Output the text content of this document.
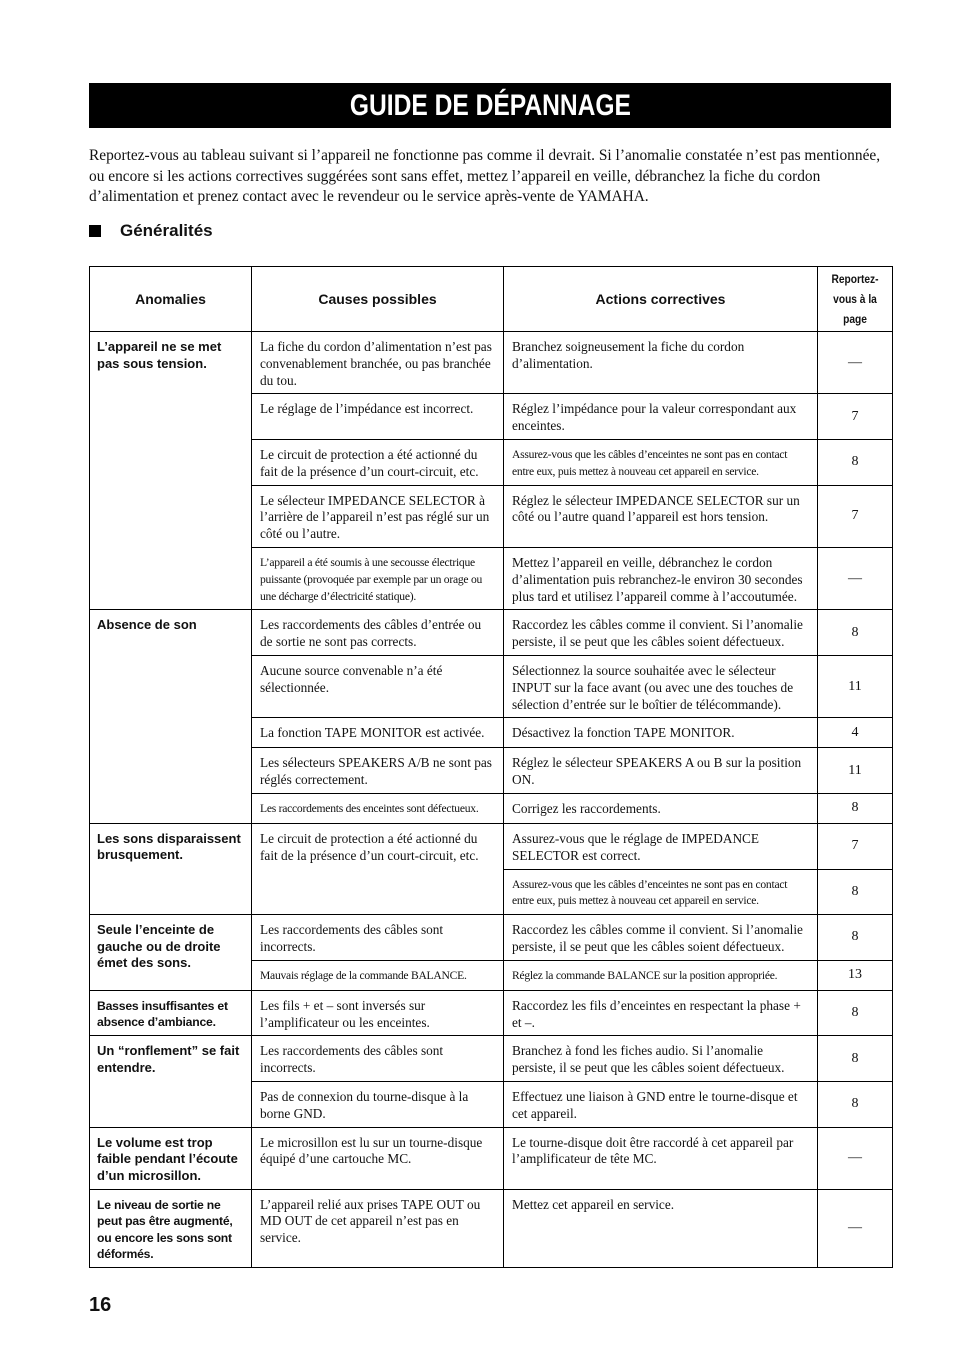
GUIDE DE DÉPANNAGE

Reportez-vous au tableau suivant si l’appareil ne fonctionne pas comme il devrait. Si l’anomalie constatée n’est pas mentionnée, ou encore si les actions correctives suggérées sont sans effet, mettez l’appareil en veille, débranchez la fiche du cordon d’alimentation et prenez contact avec le revendeur ou le service après-vente de YAMAHA.

Généralités
Anomalies	Causes possibles	Actions correctives	Reportez-vous à la page
L’appareil ne se met pas sous tension.	La fiche du cordon d’alimentation n’est pas convenablement branchée, ou pas branchée du tou.	Branchez soigneusement la fiche du cordon d’alimentation.	—
	Le réglage de l’impédance est incorrect.	Réglez l’impédance pour la valeur correspondant aux enceintes.	7
	Le circuit de protection a été actionné du fait de la présence d’un court-circuit, etc.	Assurez-vous que les câbles d’enceintes ne sont pas en contact entre eux, puis mettez à nouveau cet appareil en service.	8
	Le sélecteur IMPEDANCE SELECTOR à l’arrière de l’appareil n’est pas réglé sur un côté ou l’autre.	Réglez le sélecteur IMPEDANCE SELECTOR sur un côté ou l’autre quand l’appareil est hors tension.	7
	L’appareil a été soumis à une secousse électrique puissante (provoquée par exemple par un orage ou une décharge d’électricité statique).	Mettez l’appareil en veille, débranchez le cordon d’alimentation puis rebranchez-le environ 30 secondes plus tard et utilisez l’appareil comme à l’accoutumée.	—
Absence de son	Les raccordements des câbles d’entrée ou de sortie ne sont pas corrects.	Raccordez les câbles comme il convient. Si l’anomalie persiste, il se peut que les câbles soient défectueux.	8
	Aucune source convenable n’a été sélectionnée.	Sélectionnez la source souhaitée avec le sélecteur INPUT sur la face avant (ou avec une des touches de sélection d’entrée sur le boîtier de télécommande).	11
	La fonction TAPE MONITOR est activée.	Désactivez la fonction TAPE MONITOR.	4
	Les sélecteurs SPEAKERS A/B ne sont pas réglés correctement.	Réglez le sélecteur SPEAKERS A ou B sur la position ON.	11
	Les raccordements des enceintes sont défectueux.	Corrigez les raccordements.	8
Les sons disparaissent brusquement.	Le circuit de protection a été actionné du fait de la présence d’un court-circuit, etc.	Assurez-vous que le réglage de IMPEDANCE SELECTOR est correct.	7
		Assurez-vous que les câbles d’enceintes ne sont pas en contact entre eux, puis mettez à nouveau cet appareil en service.	8
Seule l’enceinte de gauche ou de droite émet des sons.	Les raccordements des câbles sont incorrects.	Raccordez les câbles comme il convient. Si l’anomalie persiste, il se peut que les câbles soient défectueux.	8
	Mauvais réglage de la commande BALANCE.	Réglez la commande BALANCE sur la position appropriée.	13
Basses insuffisantes et absence d’ambiance.	Les fils + et – sont inversés sur l’amplificateur ou les enceintes.	Raccordez les fils d’enceintes en respectant la phase + et –.	8
Un “ronflement” se fait entendre.	Les raccordements des câbles sont incorrects.	Branchez à fond les fiches audio. Si l’anomalie persiste, il se peut que les câbles soient défectueux.	8
	Pas de connexion du tourne-disque à la borne GND.	Effectuez une liaison à GND entre le tourne-disque et cet appareil.	8
Le volume est trop faible pendant l’écoute d’un microsillon.	Le microsillon est lu sur un tourne-disque équipé d’une cartouche MC.	Le tourne-disque doit être raccordé à cet appareil par l’amplificateur de tête MC.	—
Le niveau de sortie ne peut pas être augmenté, ou encore les sons sont déformés.	L’appareil relié aux prises TAPE OUT ou MD OUT de cet appareil n’est pas en service.	Mettez cet appareil en service.	—
16
